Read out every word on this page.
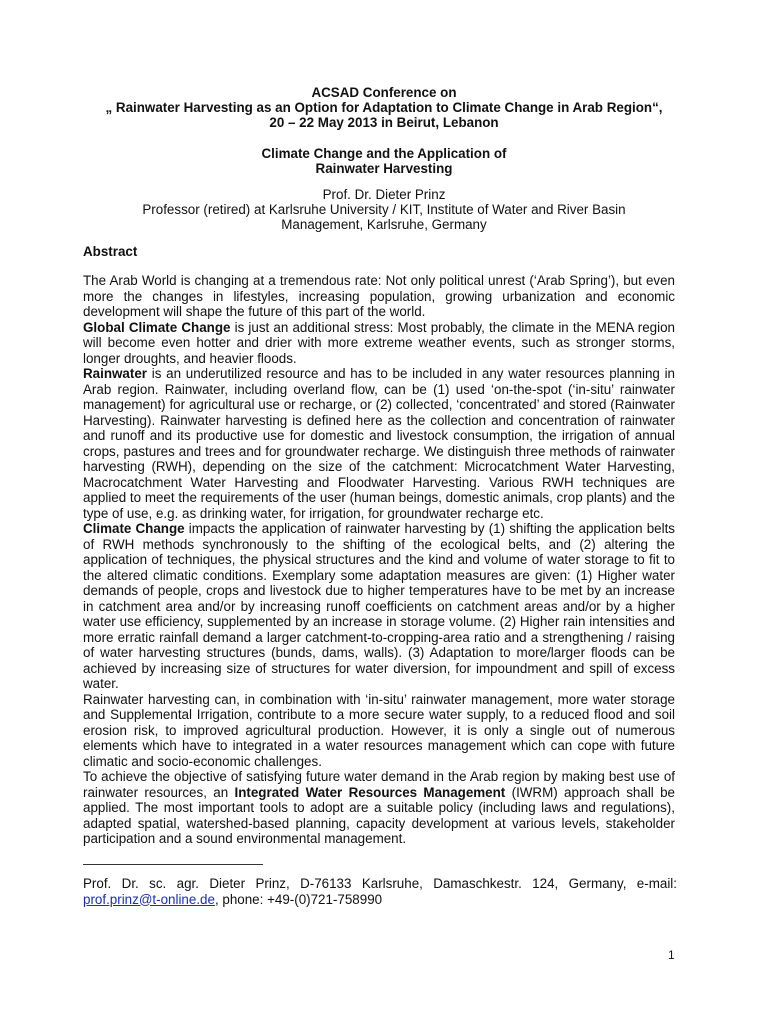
ACSAD Conference on
„ Rainwater Harvesting as an Option for Adaptation to Climate Change in Arab Region“,
20 – 22 May 2013 in Beirut, Lebanon
Climate Change and the Application of
Rainwater Harvesting
Prof. Dr. Dieter Prinz
Professor (retired) at Karlsruhe University / KIT, Institute of Water and River Basin
Management, Karlsruhe, Germany
Abstract

The Arab World is changing at a tremendous rate: Not only political unrest (‘Arab Spring’), but even more the changes in lifestyles, increasing population, growing urbanization and economic development will shape the future of this part of the world.

Global Climate Change is just an additional stress: Most probably, the climate in the MENA region will become even hotter and drier with more extreme weather events, such as stronger storms, longer droughts, and heavier floods.

Rainwater is an underutilized resource and has to be included in any water resources planning in Arab region. Rainwater, including overland flow, can be (1) used ‘on-the-spot (‘in-situ’ rainwater management) for agricultural use or recharge, or (2) collected, ‘concentrated’ and stored (Rainwater Harvesting). Rainwater harvesting is defined here as the collection and concentration of rainwater and runoff and its productive use for domestic and livestock consumption, the irrigation of annual crops, pastures and trees and for groundwater recharge. We distinguish three methods of rainwater harvesting (RWH), depending on the size of the catchment: Microcatchment Water Harvesting, Macrocatchment Water Harvesting and Floodwater Harvesting. Various RWH techniques are applied to meet the requirements of the user (human beings, domestic animals, crop plants) and the type of use, e.g. as drinking water, for irrigation, for groundwater recharge etc.

Climate Change impacts the application of rainwater harvesting by (1) shifting the application belts of RWH methods synchronously to the shifting of the ecological belts, and (2) altering the application of techniques, the physical structures and the kind and volume of water storage to fit to the altered climatic conditions. Exemplary some adaptation measures are given: (1) Higher water demands of people, crops and livestock due to higher temperatures have to be met by an increase in catchment area and/or by increasing runoff coefficients on catchment areas and/or by a higher water use efficiency, supplemented by an increase in storage volume. (2) Higher rain intensities and more erratic rainfall demand a larger catchment-to-cropping-area ratio and a strengthening / raising of water harvesting structures (bunds, dams, walls). (3) Adaptation to more/larger floods can be achieved by increasing size of structures for water diversion, for impoundment and spill of excess water.

Rainwater harvesting can, in combination with ‘in-situ’ rainwater management, more water storage and Supplemental Irrigation, contribute to a more secure water supply, to a reduced flood and soil erosion risk, to improved agricultural production. However, it is only a single out of numerous elements which have to integrated in a water resources management which can cope with future climatic and socio-economic challenges.

To achieve the objective of satisfying future water demand in the Arab region by making best use of rainwater resources, an Integrated Water Resources Management (IWRM) approach shall be applied. The most important tools to adopt are a suitable policy (including laws and regulations), adapted spatial, watershed-based planning, capacity development at various levels, stakeholder participation and a sound environmental management.

Prof. Dr. sc. agr. Dieter Prinz, D-76133 Karlsruhe, Damaschkestr. 124, Germany, e-mail: prof.prinz@t-online.de, phone: +49-(0)721-758990
1
